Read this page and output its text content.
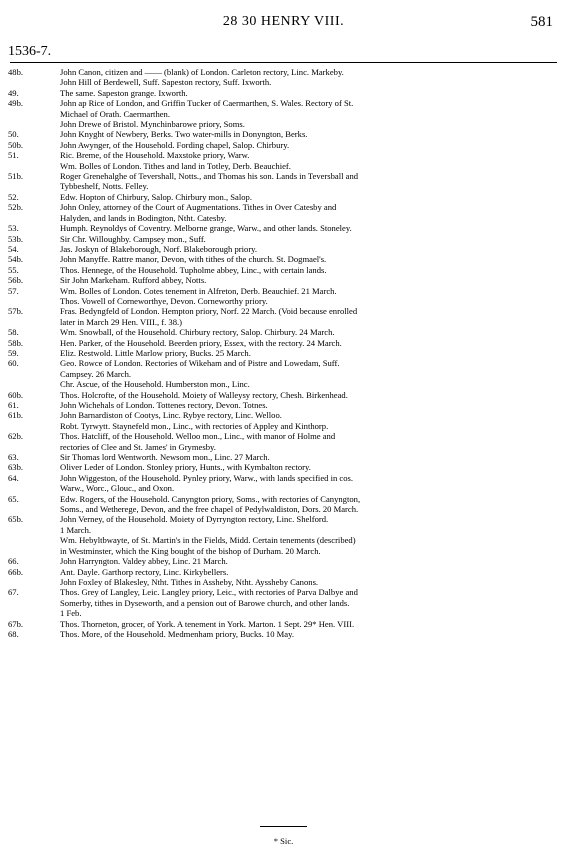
28 30 HENRY VIII.	581
1536-7.
48b.	John Canon, citizen and —— (blank) of London. Carleton rectory, Linc. Markeby.
John Hill of Berdewell, Suff. Sapeston rectory, Suff. Ixworth.
49.	The same. Sapeston grange. Ixworth.
49b.	John ap Rice of London, and Griffin Tucker of Caermarthen, S. Wales. Rectory of St.
Michael of Orath. Caermarthen.
John Drewe of Bristol. Mynchinbarowe priory, Soms.
50.	John Knyght of Newbery, Berks. Two water-mills in Donyngton, Berks.
50b.	John Awynger, of the Household. Fording chapel, Salop. Chirbury.
51.	Ric. Breme, of the Household. Maxstoke priory, Warw.
Wm. Bolles of London. Tithes and land in Totley, Derb. Beauchief.
51b.	Roger Grenehalghe of Tevershall, Notts., and Thomas his son. Lands in Teversball and
Tybbeshelf, Notts. Felley.
52.	Edw. Hopton of Chirbury, Salop. Chirbury mon., Salop.
52b.	John Onley, attorney of the Court of Augmentations. Tithes in Over Catesby and
Halyden, and lands in Bodington, Ntht. Catesby.
53.	Humph. Reynoldys of Coventry. Melborne grange, Warw., and other lands. Stoneley.
53b.	Sir Chr. Willoughby. Campsey mon., Suff.
54.	Jas. Joskyn of Blakeborough, Norf. Blakeborough priory.
54b.	John Manyffe. Rattre manor, Devon, with tithes of the church. St. Dogmael's.
55.	Thos. Hennege, of the Household. Tupholme abbey, Linc., with certain lands.
56b.	Sir John Markeham. Rufford abbey, Notts.
57.	Wm. Bolles of London. Cotes tenement in Alfreton, Derb. Beauchief. 21 March.
Thos. Vowell of Corneworthye, Devon. Corneworthy priory.
57b.	Fras. Bedyngfeld of London. Hempton priory, Norf. 22 March. (Void because enrolled
later in March 29 Hen. VIII., f. 38.)
58.	Wm. Snowball, of the Household. Chirbury rectory, Salop. Chirbury. 24 March.
58b.	Hen. Parker, of the Household. Beerden priory, Essex, with the rectory. 24 March.
59.	Eliz. Restwold. Little Marlow priory, Bucks. 25 March.
60.	Geo. Rowce of London. Rectories of Wikeham and of Pistre and Lowedam, Suff.
Campsey. 26 March.
Chr. Ascue, of the Household. Humberston mon., Linc.
60b.	Thos. Holcrofte, of the Household. Moiety of Walleysy rectory, Chesh. Birkenhead.
61.	John Wichehals of London. Tottenes rectory, Devon. Totnes.
61b.	John Barnardiston of Cootys, Linc. Rybye rectory, Linc. Welloo.
Robt. Tyrwytt. Staynefeld mon., Linc., with rectories of Appley and Kinthorp.
62b.	Thos. Hatcliff, of the Household. Welloo mon., Linc., with manor of Holme and
rectories of Clee and St. James' in Grymesby.
63.	Sir Thomas lord Wentworth. Newsom mon., Linc. 27 March.
63b.	Oliver Leder of London. Stonley priory, Hunts., with Kymbalton rectory.
64.	John Wiggeston, of the Household. Pynley priory, Warw., with lands specified in cos.
Warw., Worc., Glouc., and Oxon.
65.	Edw. Rogers, of the Household. Canyngton priory, Soms., with rectories of Canyngton,
Soms., and Wetherege, Devon, and the free chapel of Pedylwaldiston, Dors. 20 March.
65b.	John Verney, of the Household. Moiety of Dyrryngton rectory, Linc. Shelford.
1 March.
Wm. Hebyltbwayte, of St. Martin's in the Fields, Midd. Certain tenements (described)
in Westminster, which the King bought of the bishop of Durham. 20 March.
66.	John Harryngton. Valdey abbey, Linc. 21 March.
66b.	Ant. Dayle. Garthorp rectory, Linc. Kirkybellers.
John Foxley of Blakesley, Ntht. Tithes in Assheby, Ntht. Ayssheby Canons.
67.	Thos. Grey of Langley, Leic. Langley priory, Leic., with rectories of Parva Dalbye and
Somerby, tithes in Dyseworth, and a pension out of Barowe church, and other lands.
1 Feb.
67b.	Thos. Thorneton, grocer, of York. A tenement in York. Marton. 1 Sept. 29* Hen. VIII.
68.	Thos. More, of the Household. Medmenham priory, Bucks. 10 May.
* Sic.
